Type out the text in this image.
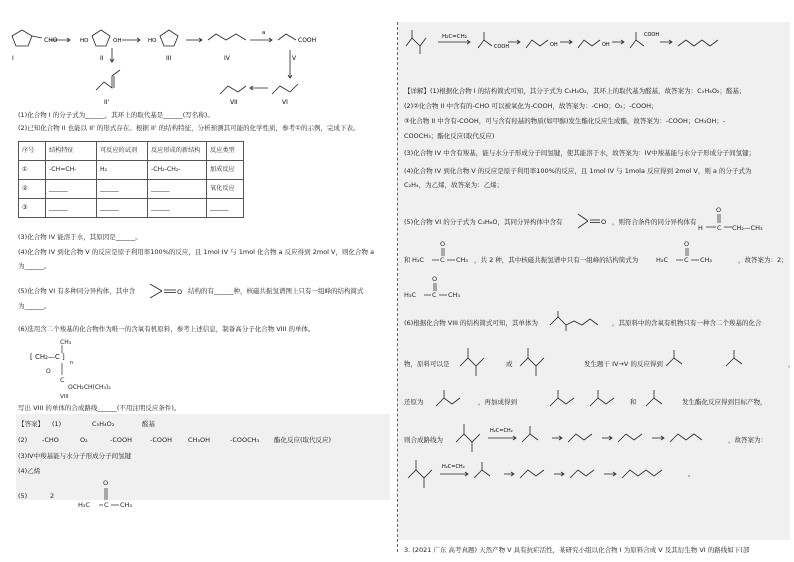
CHO	HO	OH	HO	COOH
a
I	II	III	IV	V
VI
VII
II'
(1)化合物 I 的分子式为______，其环上的取代基是______(写名称)。
(2)已知化合物 II 也能以 II' 的形式存在。根据 II' 的结构特征，分析预测其可能的化学性质，参考①的示例，完成下表。
序号	结构特征	可反应的试剂	反应形成的新结构	反应类型
①	-CH=CH-	H₂	-CH₂-CH₂-	加成反应
②	______	______	______	氧化反应
③	______	______	______	______
(3)化合物 IV 能溶于水，其原因是______。
(4)化合物 IV 到化合物 V 的反应是原子利用率100%的反应，且 1mol IV 与 1mol 化合物 a 反应得到 2mol V，则化合物 a
为______。
(5)化合物 VI 有多种同分异构体，其中含	O 结构的有______种，核磁共振氢谱图上只有一组峰的结构简式
为______。
(6)选用含二个羧基的化合物作为唯一的含氧有机原料，参考上述信息，制备高分子化合物 VIII 的单体。
CH₃
[ CH₂—C ]
n
O
C
OCH₂CH(CH₃)₂
VIII
写出 VIII 的单体的合成路线______(不用注明反应条件)。
【答案】 (1)	C₅H₄O₂	醛基
(2) -CHO	O₂	-COOH	-COOH CH₃OH	-COOCH₃ 酯化反应(取代反应)
(3)IV中羧基能与水分子形成分子间氢键
(4)乙烯
(5)	2
O
H₃C C CH₃
H₂C=CH₂
COOH	OH	OH
COOH
【详解】(1)根据化合物 I 的结构简式可知，其分子式为 C₅H₄O₂，其环上的取代基为醛基，故答案为：C₅H₄O₂；醛基；
(2)②化合物 II 中含有的-CHO 可以被氧化为-COOH，故答案为：-CHO；O₂；-COOH；
③化合物 II 中含有-COOH，可与含有羟基的物质(如甲醇)发生酯化反应生成酯，故答案为：-COOH；CH₃OH；-
COOCH₃；酯化反应(取代反应)
(3)化合物 IV 中含有羧基，能与水分子形成分子间氢键，使其能溶于水，故答案为：IV中羧基能与水分子形成分子间氢键；
(4)化合物 IV 到化合物 V 的反应是原子利用率100%的反应，且 1mol IV 与 1mola 反应得到 2mol V，则 a 的分子式为
C₂H₄，为乙烯，故答案为：乙烯；
(5)化合物 VI 的分子式为 C₃H₆O，其同分异构体中含有	O ，则符合条件的同分异构体有
O
H C CH₂—CH₃
和
O
H₃C C CH₃ ，共 2 种，其中核磁共振氢谱中只有一组峰的结构简式为
O
H₃C C CH₃
O
H₃C C CH₃
，故答案为：2；
(6)根据化合物 VIII 的结构简式可知，其单体为	，其原料中的含氧有机物只有一种含二个羧基的化合
物，原料可以是	或	发生题干 IV→V 的反应得到	，
还原为	，再加成得到	和	发生酯化反应得到目标产物，
则合成路线为
H₂C=CH₂
，故答案为：
H₂C=CH₂
。
3. (2021 广东 高考真题) 天然产物 V 具有抗疟活性，某研究小组以化合物 I 为原料合成 V 及其衍生物 VI 的路线如下(部
